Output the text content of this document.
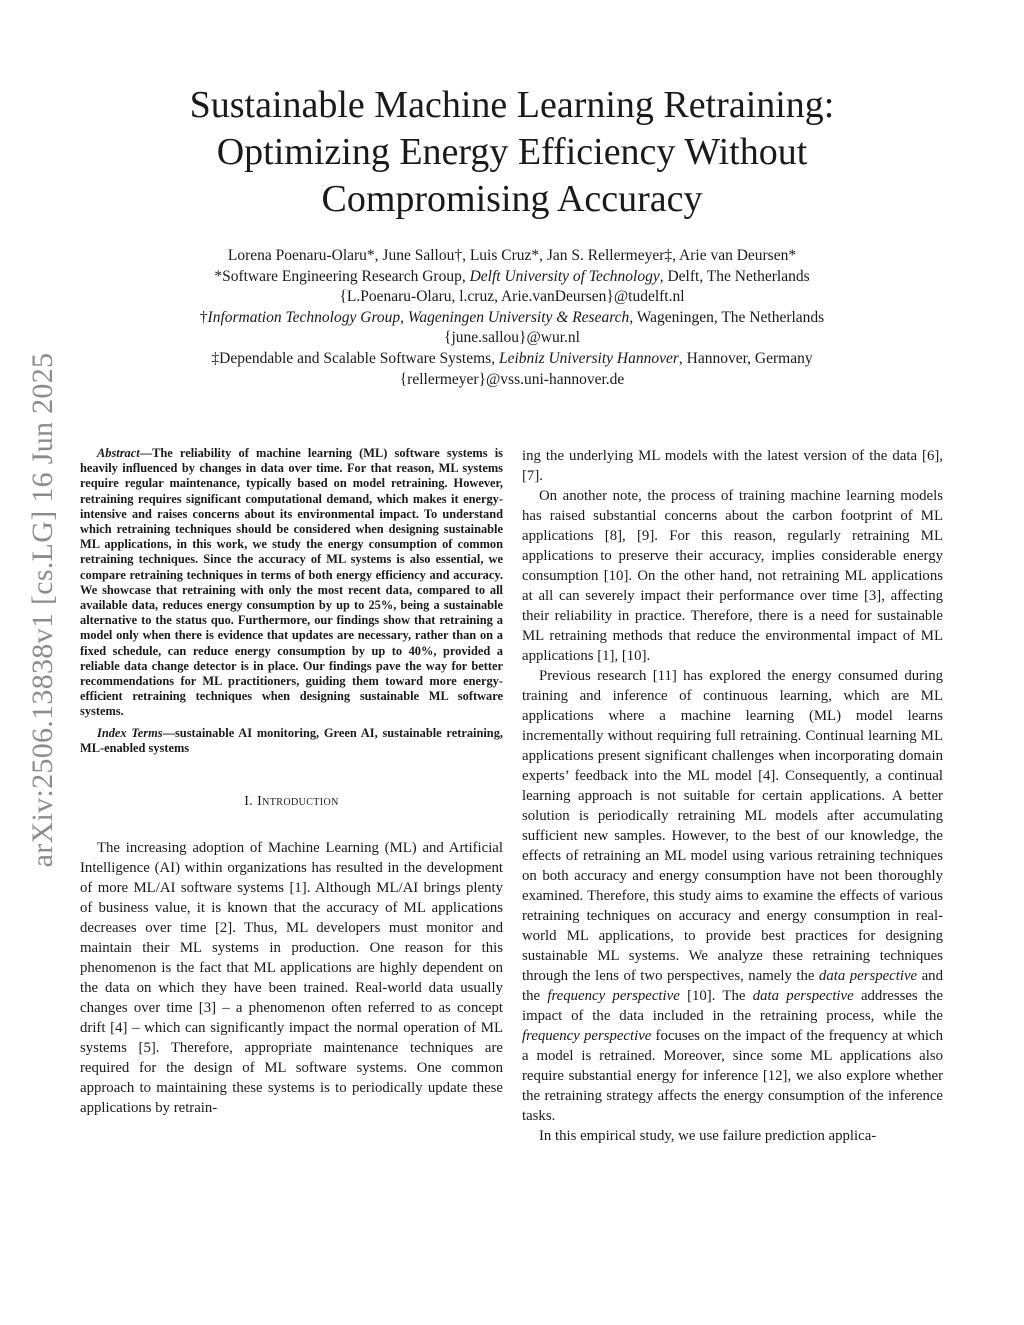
arXiv:2506.13838v1 [cs.LG] 16 Jun 2025
Sustainable Machine Learning Retraining:
Optimizing Energy Efficiency Without
Compromising Accuracy
Lorena Poenaru-Olaru*, June Sallou†, Luis Cruz*, Jan S. Rellermeyer‡, Arie van Deursen*
*Software Engineering Research Group, Delft University of Technology, Delft, The Netherlands
{L.Poenaru-Olaru, l.cruz, Arie.vanDeursen}@tudelft.nl
†Information Technology Group, Wageningen University & Research, Wageningen, The Netherlands
{june.sallou}@wur.nl
‡Dependable and Scalable Software Systems, Leibniz University Hannover, Hannover, Germany
{rellermeyer}@vss.uni-hannover.de

Abstract—The reliability of machine learning (ML) software systems is heavily influenced by changes in data over time. For that reason, ML systems require regular maintenance, typically based on model retraining. However, retraining requires significant computational demand, which makes it energy-intensive and raises concerns about its environmental impact. To understand which retraining techniques should be considered when designing sustainable ML applications, in this work, we study the energy consumption of common retraining techniques. Since the accuracy of ML systems is also essential, we compare retraining techniques in terms of both energy efficiency and accuracy. We showcase that retraining with only the most recent data, compared to all available data, reduces energy consumption by up to 25%, being a sustainable alternative to the status quo. Furthermore, our findings show that retraining a model only when there is evidence that updates are necessary, rather than on a fixed schedule, can reduce energy consumption by up to 40%, provided a reliable data change detector is in place. Our findings pave the way for better recommendations for ML practitioners, guiding them toward more energy-efficient retraining techniques when designing sustainable ML software systems.

Index Terms—sustainable AI monitoring, Green AI, sustainable retraining, ML-enabled systems

I. Introduction

The increasing adoption of Machine Learning (ML) and Artificial Intelligence (AI) within organizations has resulted in the development of more ML/AI software systems [1]. Although ML/AI brings plenty of business value, it is known that the accuracy of ML applications decreases over time [2]. Thus, ML developers must monitor and maintain their ML systems in production. One reason for this phenomenon is the fact that ML applications are highly dependent on the data on which they have been trained. Real-world data usually changes over time [3] – a phenomenon often referred to as concept drift [4] – which can significantly impact the normal operation of ML systems [5]. Therefore, appropriate maintenance techniques are required for the design of ML software systems. One common approach to maintaining these systems is to periodically update these applications by retrain-

ing the underlying ML models with the latest version of the data [6], [7].

On another note, the process of training machine learning models has raised substantial concerns about the carbon footprint of ML applications [8], [9]. For this reason, regularly retraining ML applications to preserve their accuracy, implies considerable energy consumption [10]. On the other hand, not retraining ML applications at all can severely impact their performance over time [3], affecting their reliability in practice. Therefore, there is a need for sustainable ML retraining methods that reduce the environmental impact of ML applications [1], [10].

Previous research [11] has explored the energy consumed during training and inference of continuous learning, which are ML applications where a machine learning (ML) model learns incrementally without requiring full retraining. Continual learning ML applications present significant challenges when incorporating domain experts’ feedback into the ML model [4]. Consequently, a continual learning approach is not suitable for certain applications. A better solution is periodically retraining ML models after accumulating sufficient new samples. However, to the best of our knowledge, the effects of retraining an ML model using various retraining techniques on both accuracy and energy consumption have not been thoroughly examined. Therefore, this study aims to examine the effects of various retraining techniques on accuracy and energy consumption in real-world ML applications, to provide best practices for designing sustainable ML systems. We analyze these retraining techniques through the lens of two perspectives, namely the data perspective and the frequency perspective [10]. The data perspective addresses the impact of the data included in the retraining process, while the frequency perspective focuses on the impact of the frequency at which a model is retrained. Moreover, since some ML applications also require substantial energy for inference [12], we also explore whether the retraining strategy affects the energy consumption of the inference tasks.

In this empirical study, we use failure prediction applica-
